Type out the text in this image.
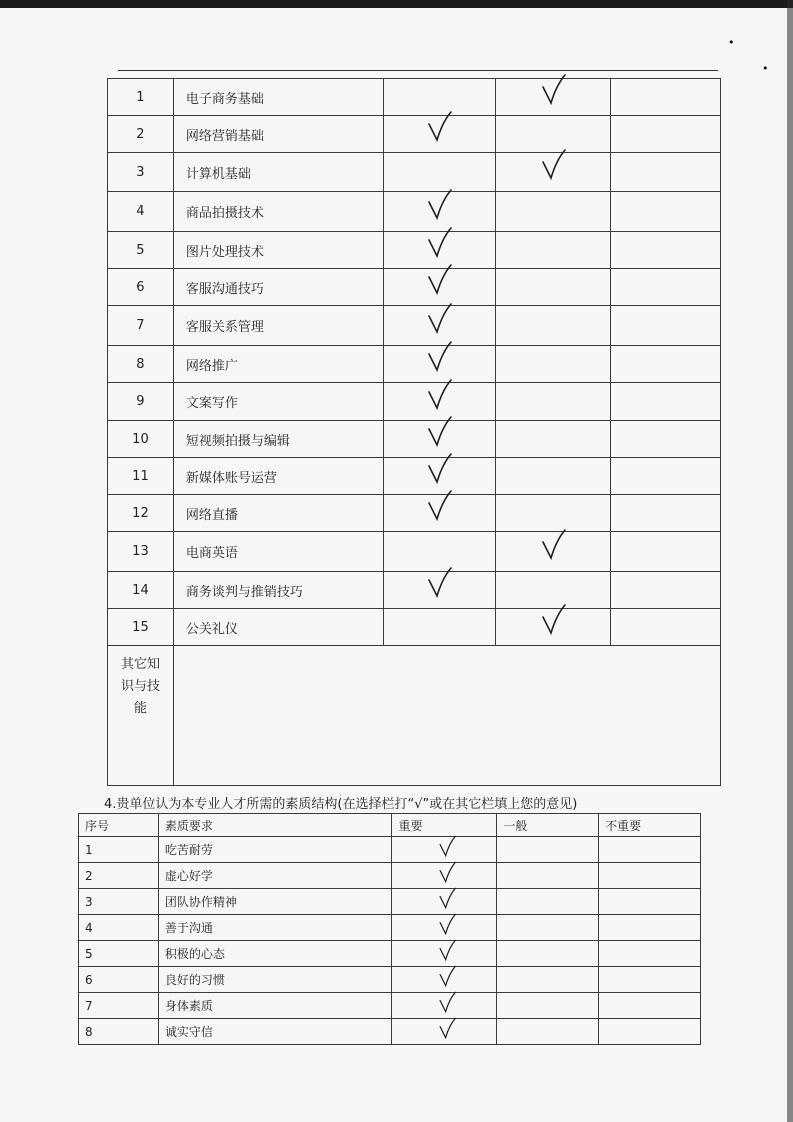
•
•
1	电子商务基础			
2	网络营销基础			
3	计算机基础			
4	商品拍摄技术			
5	图片处理技术			
6	客服沟通技巧			
7	客服关系管理			
8	网络推广			
9	文案写作			
10	短视频拍摄与编辑			
11	新媒体账号运营			
12	网络直播			
13	电商英语			
14	商务谈判与推销技巧			
15	公关礼仪			

其它知
识与技
能				

4.贵单位认为本专业人才所需的素质结构(在选择栏打“√”或在其它栏填上您的意见)
序号	素质要求	重要	一般	不重要
1	吃苦耐劳			
2	虚心好学			
3	团队协作精神			
4	善于沟通			
5	积极的心态			
6	良好的习惯			
7	身体素质			
8	诚实守信			
